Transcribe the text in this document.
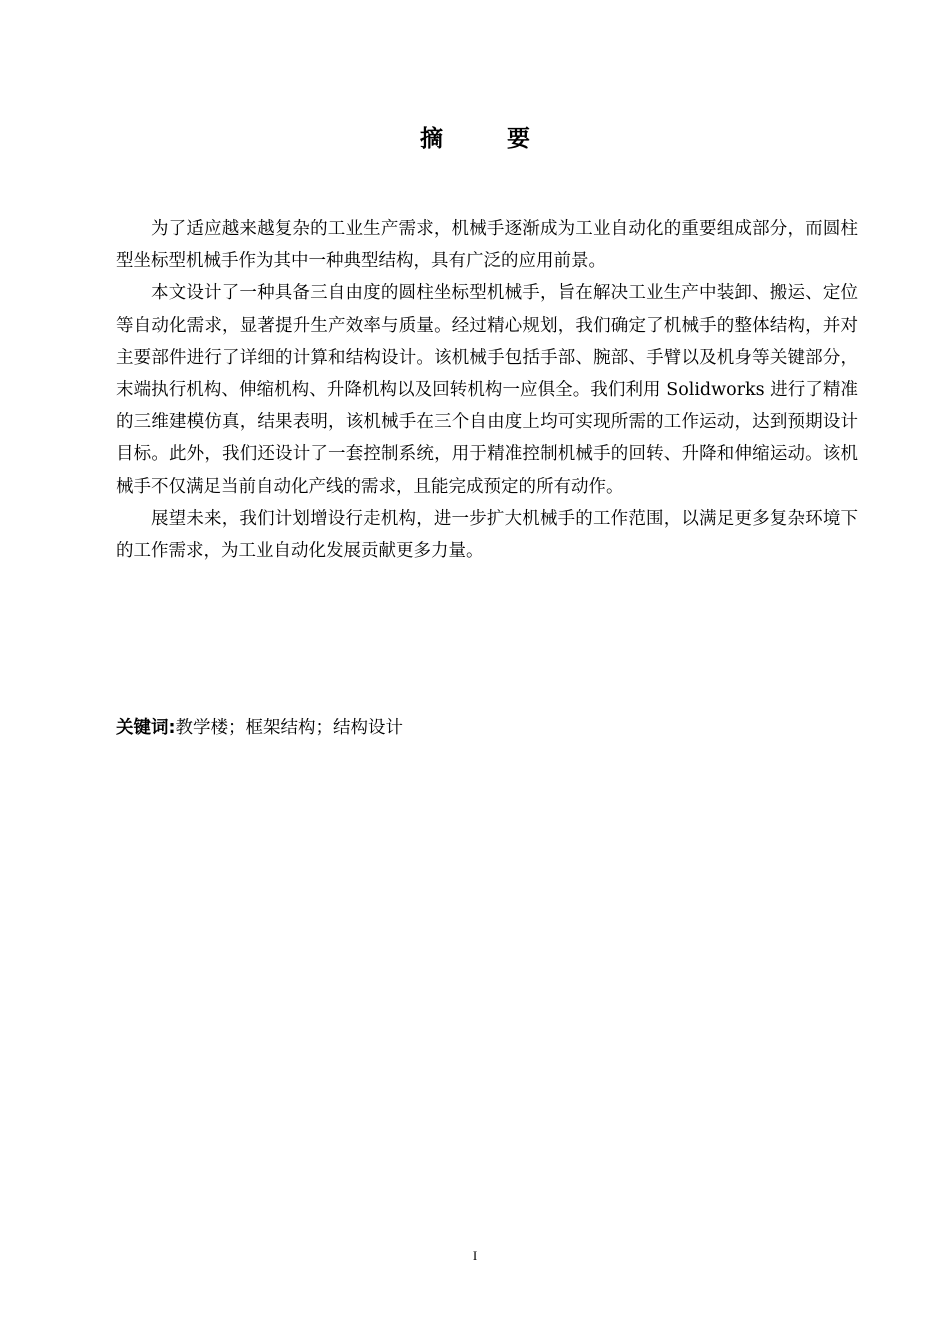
摘 要

为了适应越来越复杂的工业生产需求，机械手逐渐成为工业自动化的重要组成部分，而圆柱型坐标型机械手作为其中一种典型结构，具有广泛的应用前景。

本文设计了一种具备三自由度的圆柱坐标型机械手，旨在解决工业生产中装卸、搬运、定位等自动化需求，显著提升生产效率与质量。经过精心规划，我们确定了机械手的整体结构，并对主要部件进行了详细的计算和结构设计。该机械手包括手部、腕部、手臂以及机身等关键部分，末端执行机构、伸缩机构、升降机构以及回转机构一应俱全。我们利用 Solidworks 进行了精准的三维建模仿真，结果表明，该机械手在三个自由度上均可实现所需的工作运动，达到预期设计目标。此外，我们还设计了一套控制系统，用于精准控制机械手的回转、升降和伸缩运动。该机械手不仅满足当前自动化产线的需求，且能完成预定的所有动作。

展望未来，我们计划增设行走机构，进一步扩大机械手的工作范围，以满足更多复杂环境下的工作需求，为工业自动化发展贡献更多力量。

关键词:教学楼；框架结构；结构设计
I
